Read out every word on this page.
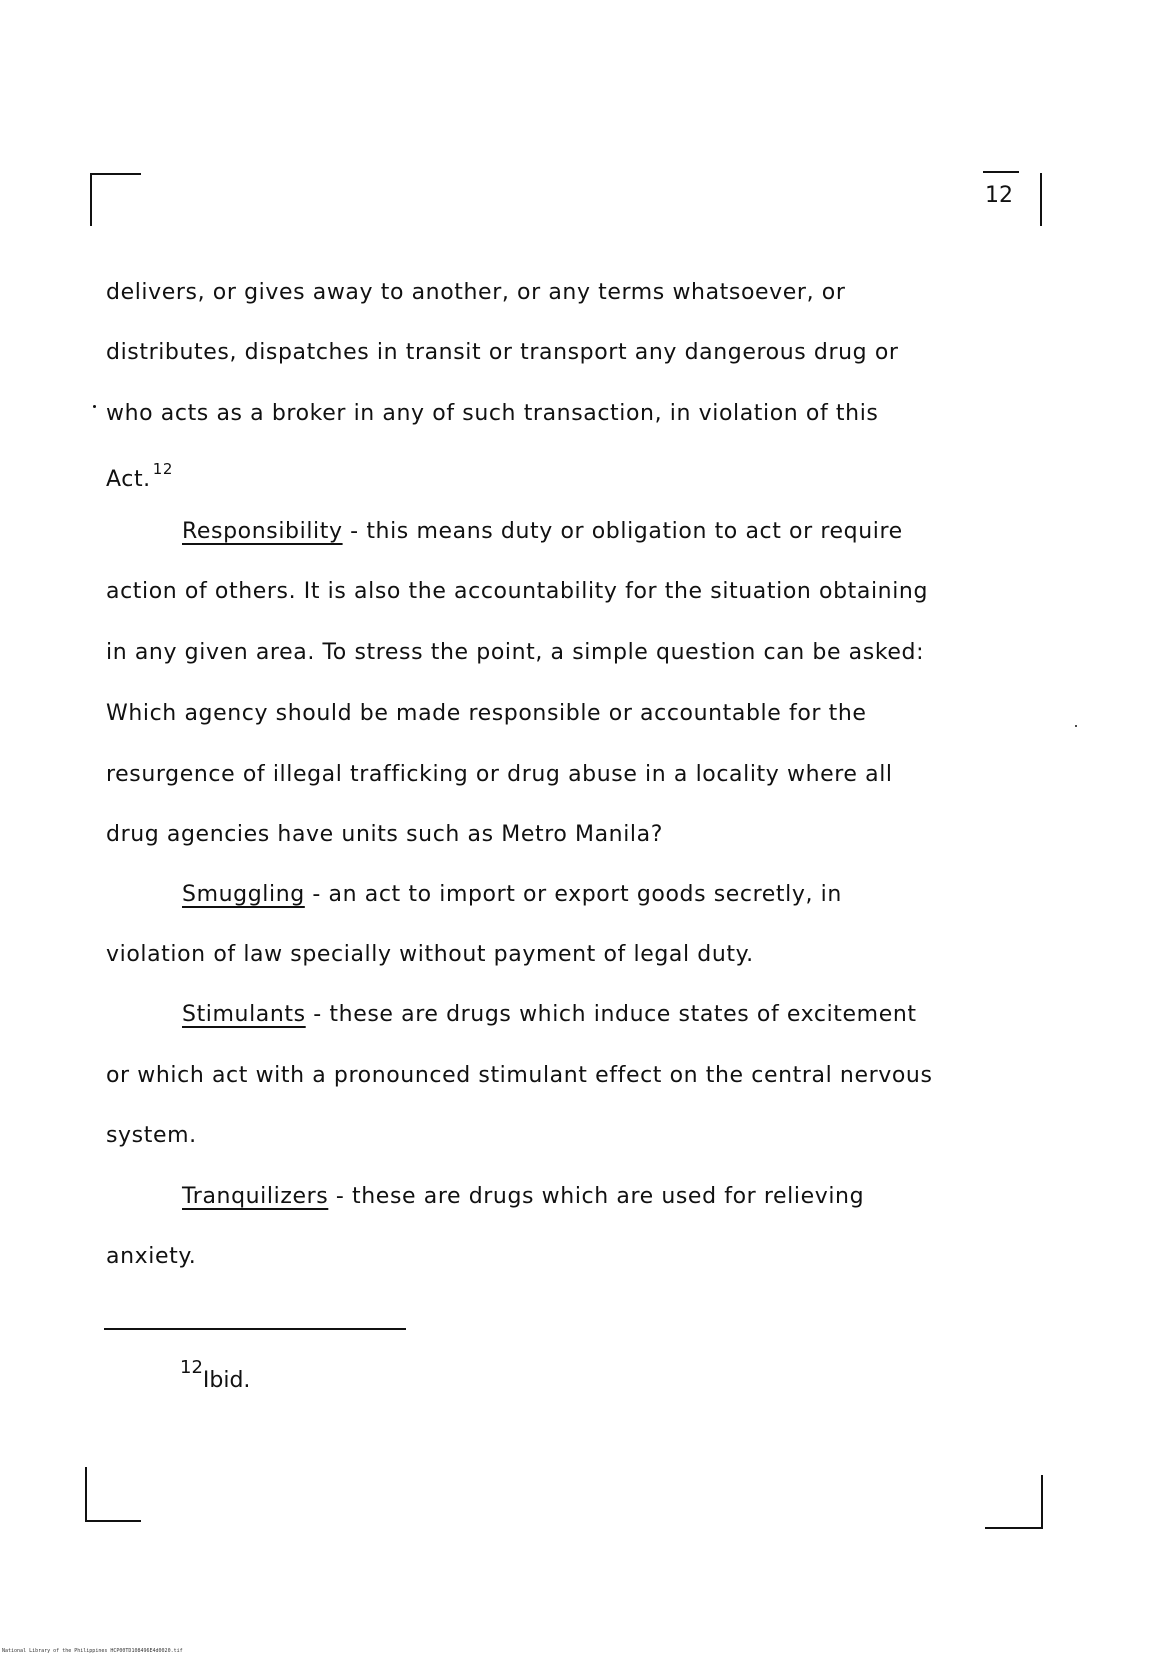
12
delivers, or gives away to another, or any terms whatsoever, or
distributes, dispatches in transit or transport any dangerous drug or
who acts as a broker in any of such transaction, in violation of this
Act. $^{12}$
Responsibility - this means duty or obligation to act or require
action of others. It is also the accountability for the situation obtaining
in any given area. To stress the point, a simple question can be asked:
Which agency should be made responsible or accountable for the
resurgence of illegal trafficking or drug abuse in a locality where all
drug agencies have units such as Metro Manila?
Smuggling - an act to import or export goods secretly, in
violation of law specially without payment of legal duty.
Stimulants - these are drugs which induce states of excitement
or which act with a pronounced stimulant effect on the central nervous
system.
Tranquilizers - these are drugs which are used for relieving
anxiety.
$^{12}$Ibid.
National Library of the Philippines HCP00TD108496E4d0020.tif
